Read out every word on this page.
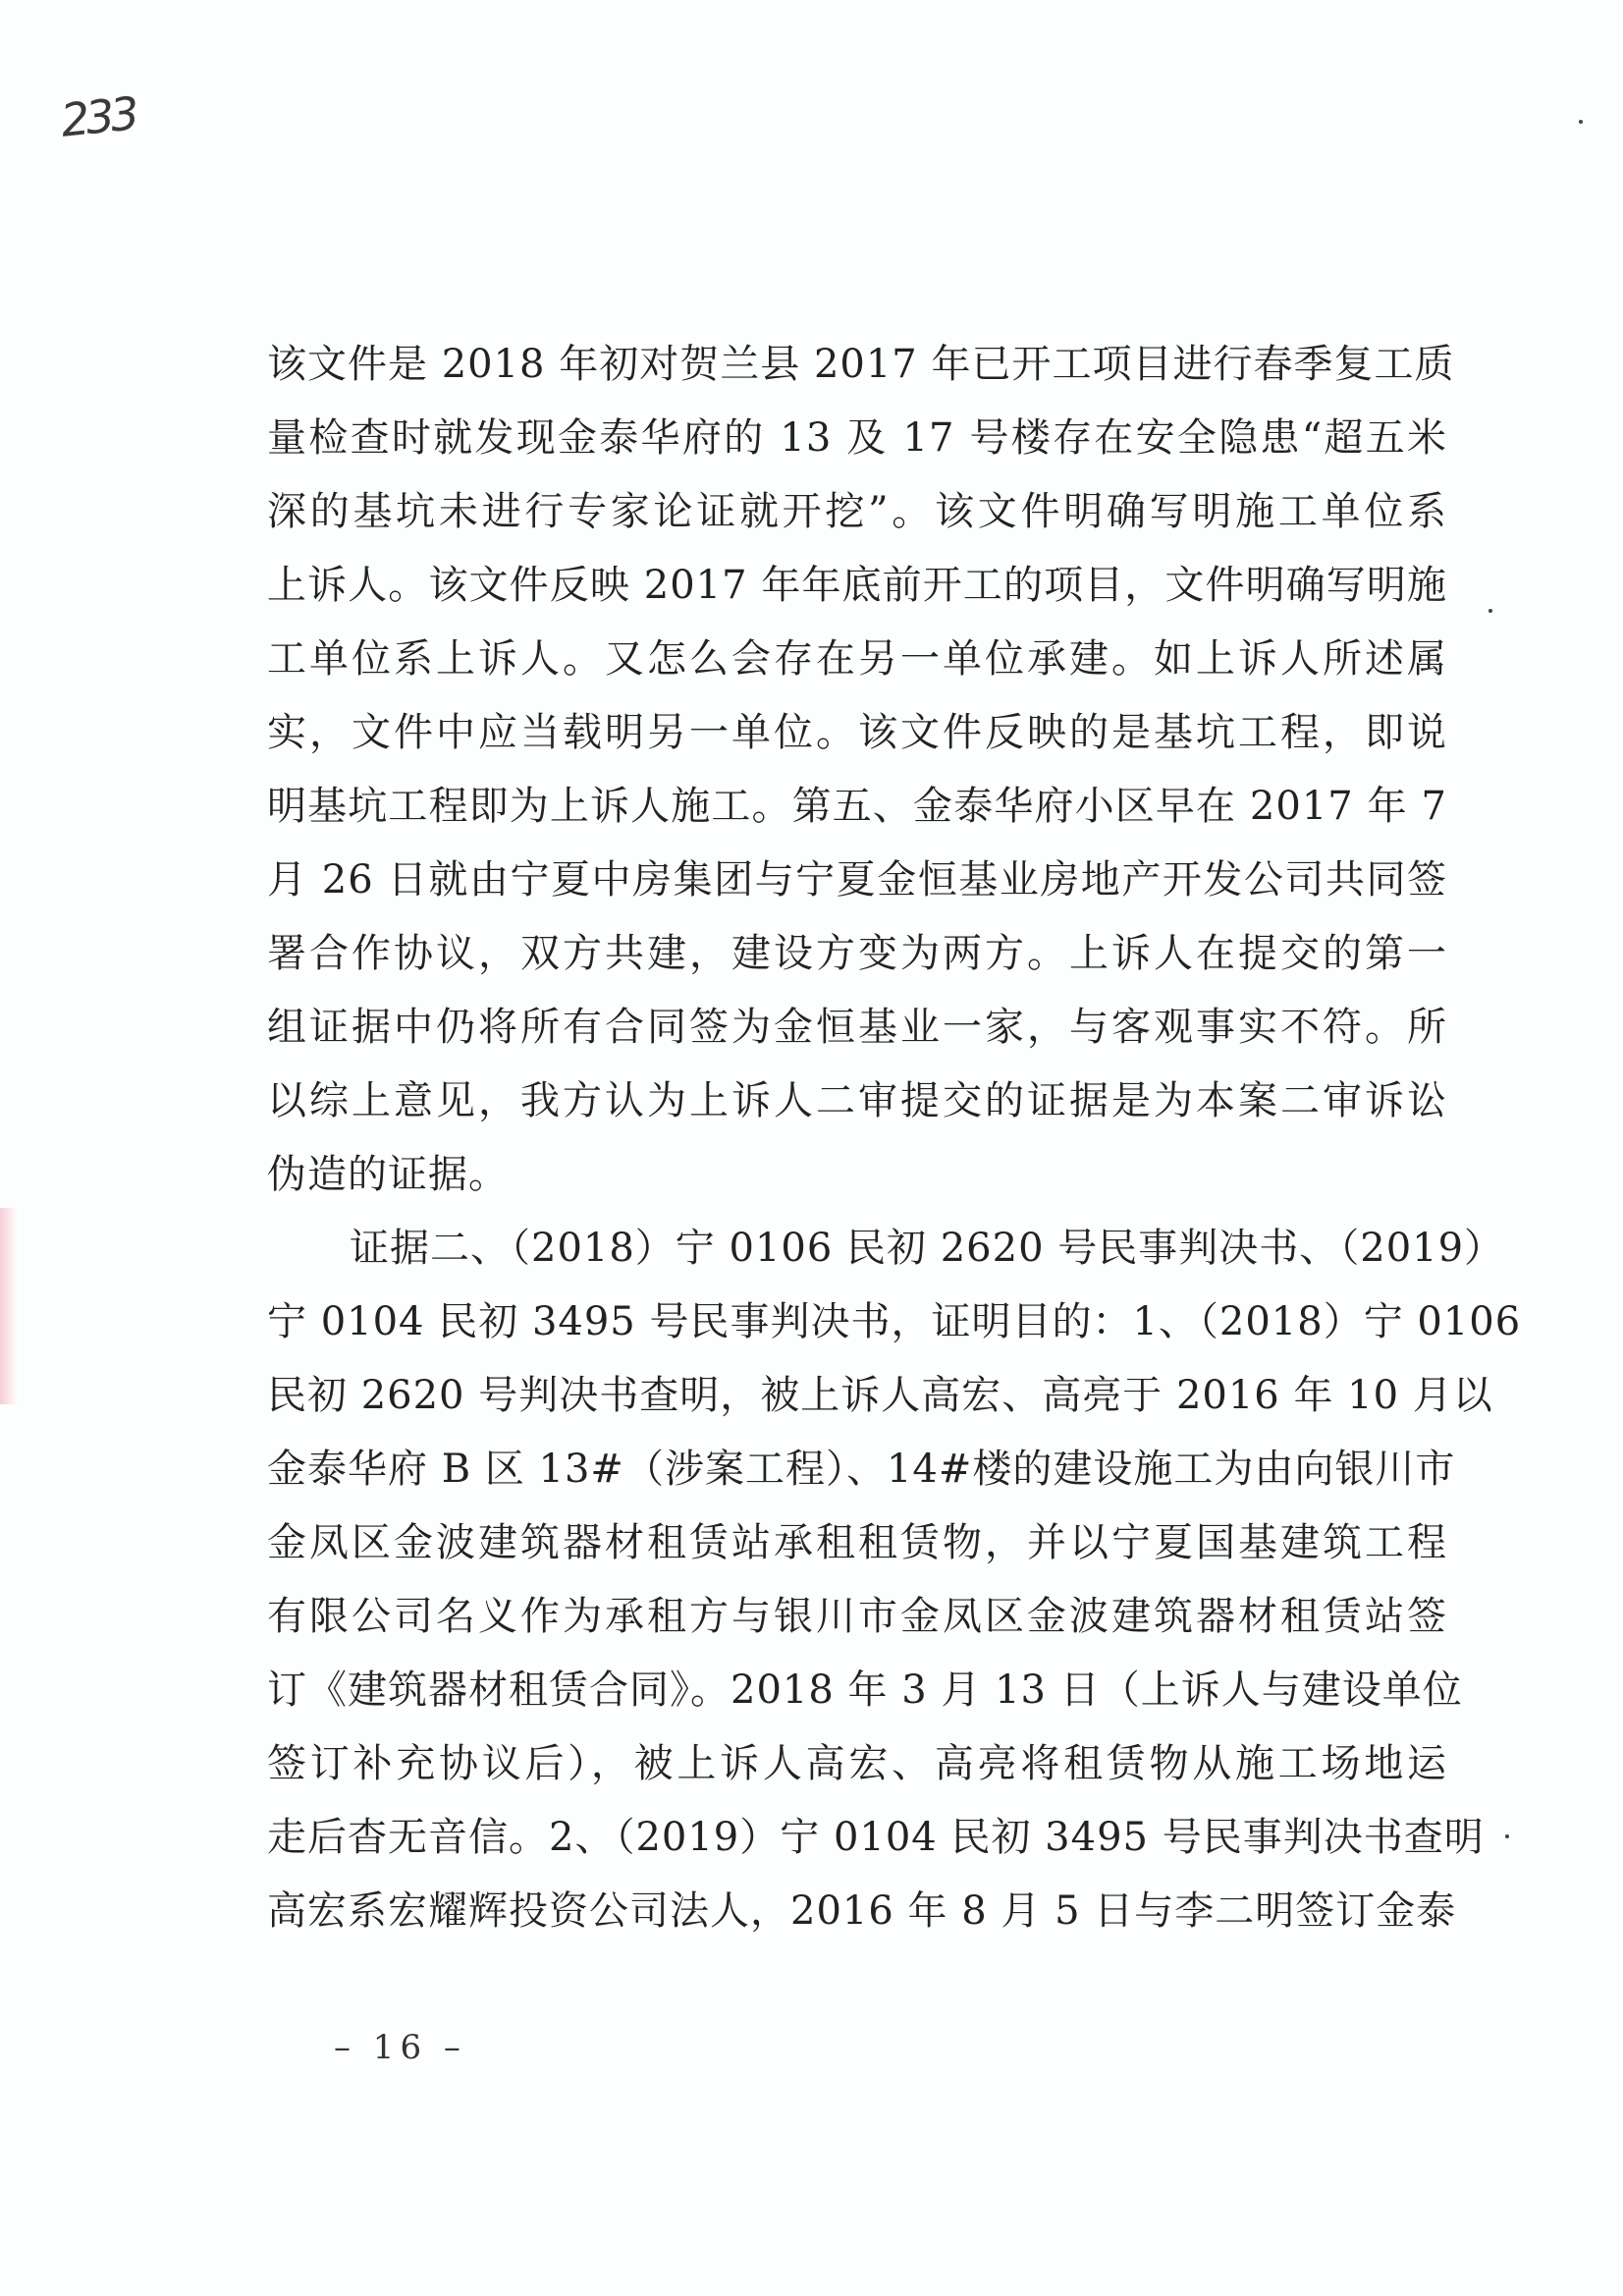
233
该文件是 2018 年初对贺兰县 2017 年已开工项目进行春季复工质
量检查时就发现金泰华府的 13 及 17 号楼存在安全隐患“超五米
深的基坑未进行专家论证就开挖”。该文件明确写明施工单位系
上诉人。该文件反映 2017 年年底前开工的项目，文件明确写明施
工单位系上诉人。又怎么会存在另一单位承建。如上诉人所述属
实，文件中应当载明另一单位。该文件反映的是基坑工程，即说
明基坑工程即为上诉人施工。第五、金泰华府小区早在 2017 年 7
月 26 日就由宁夏中房集团与宁夏金恒基业房地产开发公司共同签
署合作协议，双方共建，建设方变为两方。上诉人在提交的第一
组证据中仍将所有合同签为金恒基业一家，与客观事实不符。所
以综上意见，我方认为上诉人二审提交的证据是为本案二审诉讼
伪造的证据。
证据二、（2018）宁 0106 民初 2620 号民事判决书、（2019）
宁 0104 民初 3495 号民事判决书，证明目的：1、（2018）宁 0106
民初 2620 号判决书查明，被上诉人高宏、高亮于 2016 年 10 月以
金泰华府 B 区 13#（涉案工程）、14#楼的建设施工为由向银川市
金凤区金波建筑器材租赁站承租租赁物，并以宁夏国基建筑工程
有限公司名义作为承租方与银川市金凤区金波建筑器材租赁站签
订《建筑器材租赁合同》。2018 年 3 月 13 日（上诉人与建设单位
签订补充协议后），被上诉人高宏、高亮将租赁物从施工场地运
走后杳无音信。2、（2019）宁 0104 民初 3495 号民事判决书查明
高宏系宏耀辉投资公司法人，2016 年 8 月 5 日与李二明签订金泰
– 16 –
